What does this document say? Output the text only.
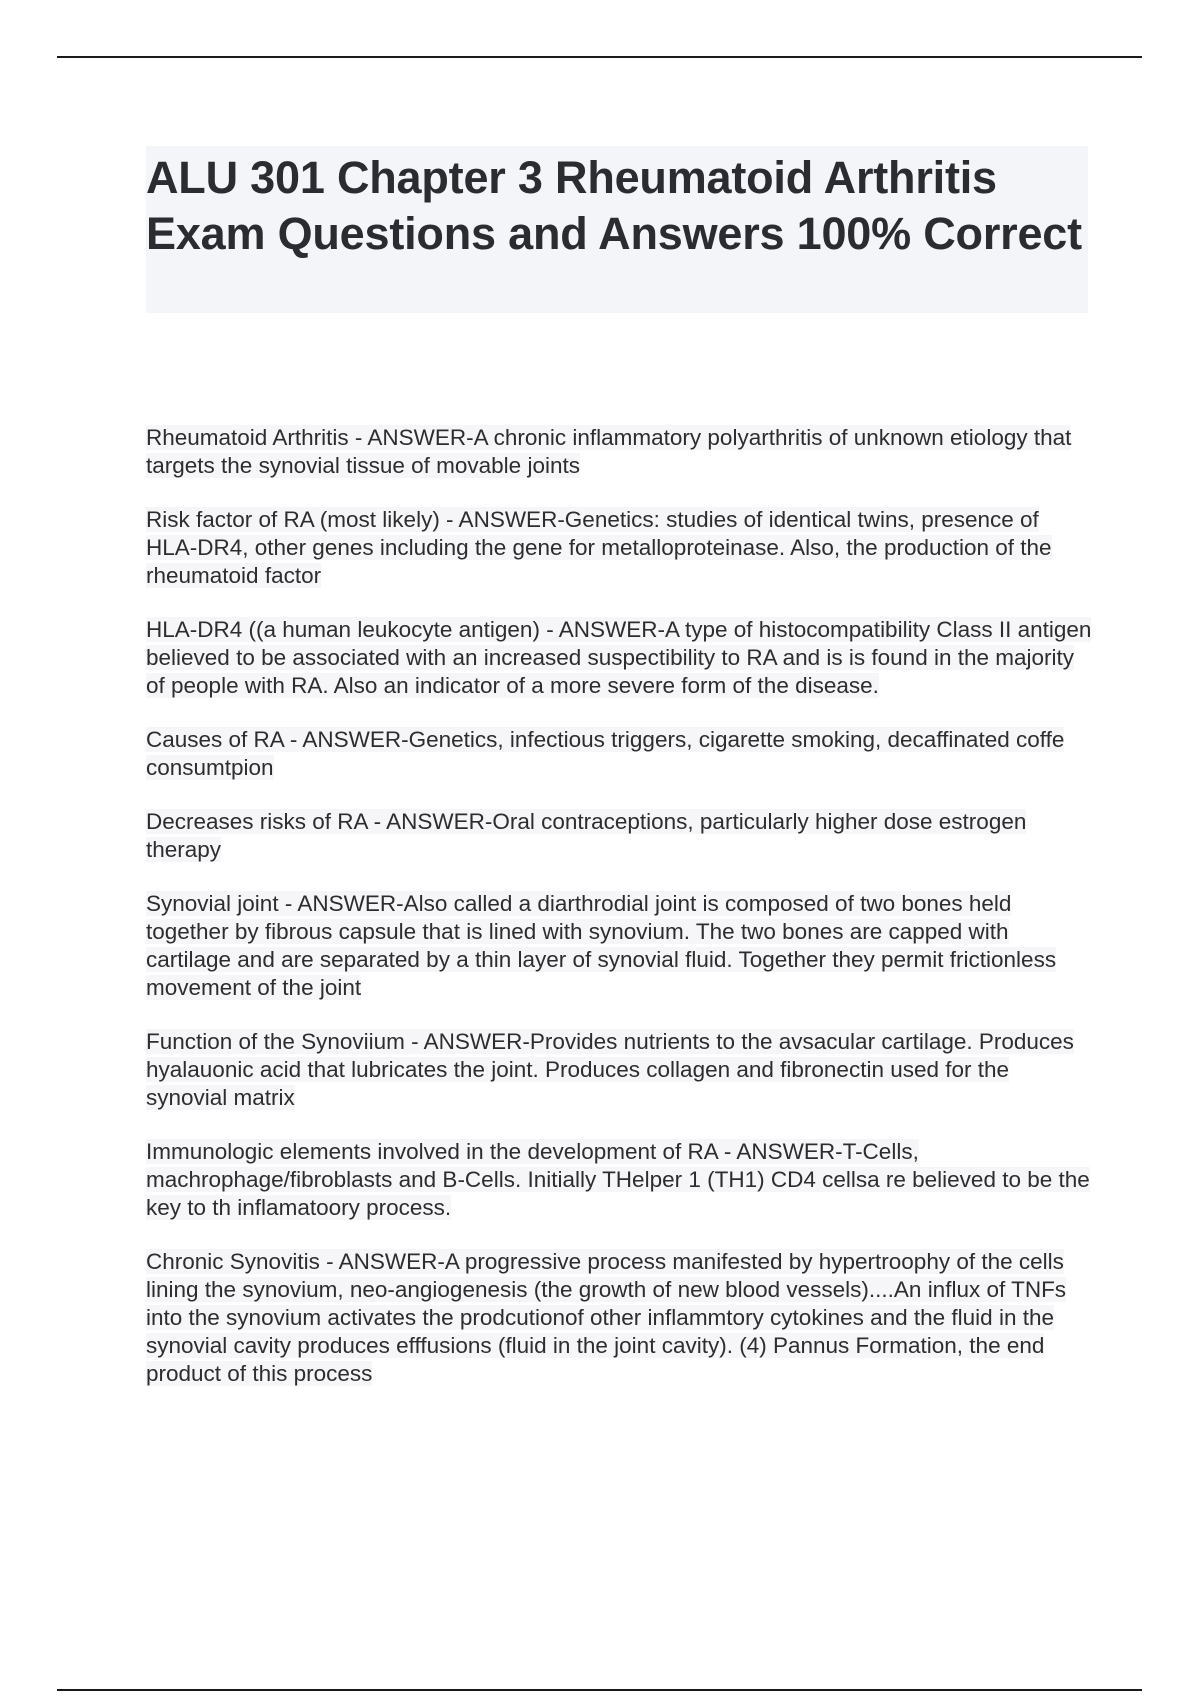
ALU 301 Chapter 3 Rheumatoid Arthritis Exam Questions and Answers 100% Correct

Rheumatoid Arthritis - ANSWER-A chronic inflammatory polyarthritis of unknown etiology that targets the synovial tissue of movable joints

Risk factor of RA (most likely) - ANSWER-Genetics: studies of identical twins, presence of HLA-DR4, other genes including the gene for metalloproteinase. Also, the production of the rheumatoid factor

HLA-DR4 ((a human leukocyte antigen) - ANSWER-A type of histocompatibility Class II antigen believed to be associated with an increased suspectibility to RA and is is found in the majority of people with RA. Also an indicator of a more severe form of the disease.

Causes of RA - ANSWER-Genetics, infectious triggers, cigarette smoking, decaffinated coffe consumtpion

Decreases risks of RA - ANSWER-Oral contraceptions, particularly higher dose estrogen therapy

Synovial joint - ANSWER-Also called a diarthrodial joint is composed of two bones held together by fibrous capsule that is lined with synovium. The two bones are capped with cartilage and are separated by a thin layer of synovial fluid. Together they permit frictionless movement of the joint

Function of the Synoviium - ANSWER-Provides nutrients to the avsacular cartilage. Produces hyalauonic acid that lubricates the joint. Produces collagen and fibronectin used for the synovial matrix

Immunologic elements involved in the development of RA - ANSWER-T-Cells, machrophage/fibroblasts and B-Cells. Initially THelper 1 (TH1) CD4 cellsa re believed to be the key to th inflamatoory process.

Chronic Synovitis - ANSWER-A progressive process manifested by hypertroophy of the cells lining the synovium, neo-angiogenesis (the growth of new blood vessels)....An influx of TNFs into the synovium activates the prodcutionof other inflammtory cytokines and the fluid in the synovial cavity produces efffusions (fluid in the joint cavity). (4) Pannus Formation, the end product of this process
